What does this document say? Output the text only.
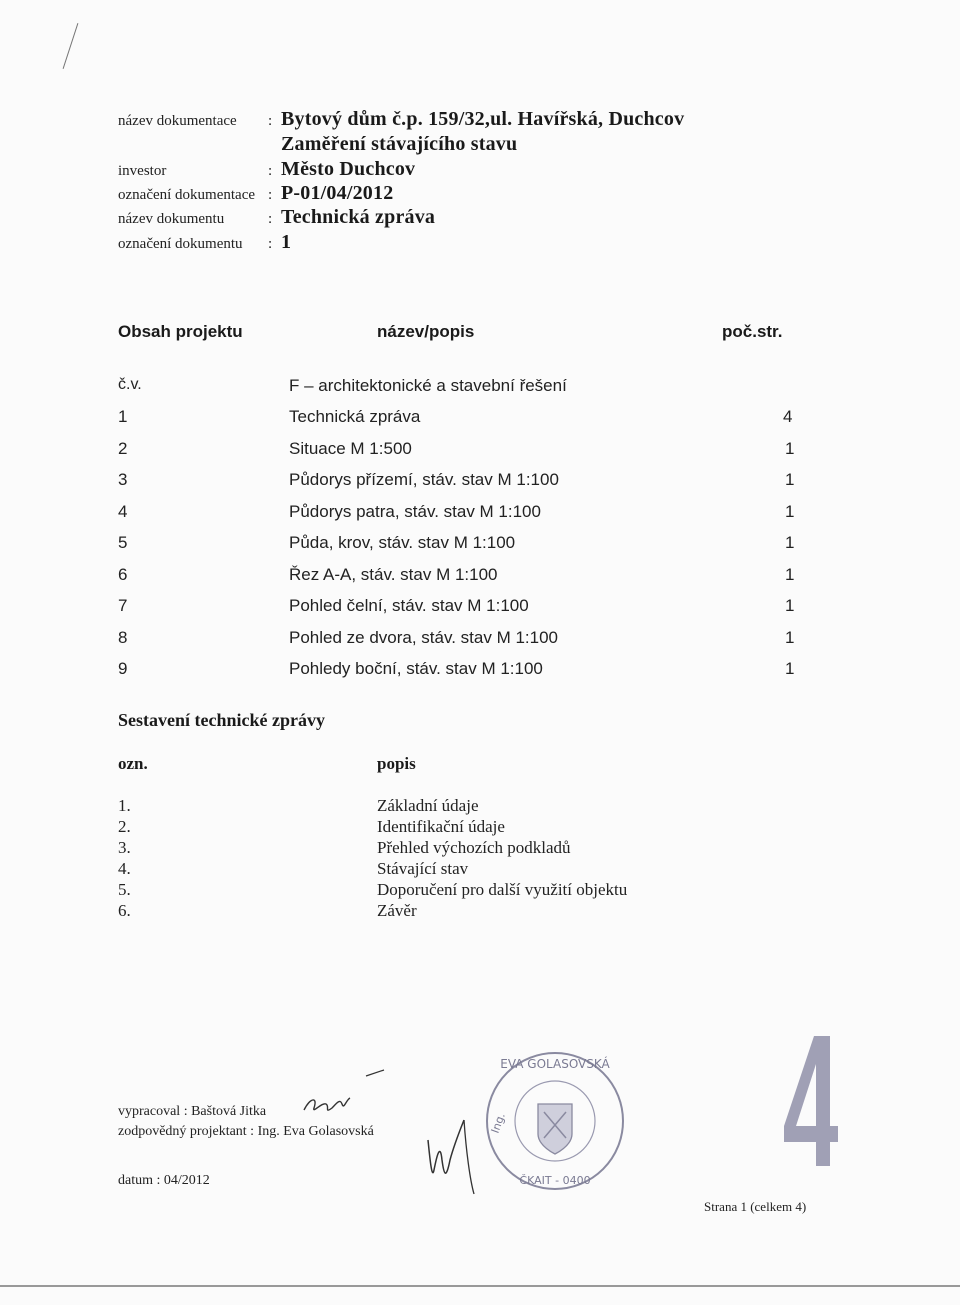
název dokumentace : Bytový dům č.p. 159/32,ul. Havířská, Duchcov
Zaměření stávajícího stavu
investor	: Město Duchcov
označení dokumentace : P-01/04/2012
název dokumentu	: Technická zpráva
označení dokumentu : 1
Obsah projektu	název/popis	poč.str.
č.v.	F – architektonické a stavební řešení
1	Technická zpráva	4
2	Situace M 1:500	1
3	Půdorys přízemí, stáv. stav M 1:100	1
4	Půdorys patra, stáv. stav M 1:100	1
5	Půda, krov, stáv. stav M 1:100	1
6	Řez A-A, stáv. stav M 1:100	1
7	Pohled čelní, stáv. stav M 1:100	1
8	Pohled ze dvora, stáv. stav M 1:100	1
9	Pohledy boční, stáv. stav M 1:100	1
Sestavení technické zprávy
ozn.	popis
1.	Základní údaje
2.	Identifikační údaje
3.	Přehled výchozích podkladů
4.	Stávající stav
5.	Doporučení pro další využití objektu
6.	Závěr
vypracoval : Baštová Jitka
zodpovědný projektant : Ing. Eva Golasovská
datum : 04/2012
Strana 1 (celkem 4)
EVA GOLASOVSKÁ
Ing.
ČKAIT - 0400
